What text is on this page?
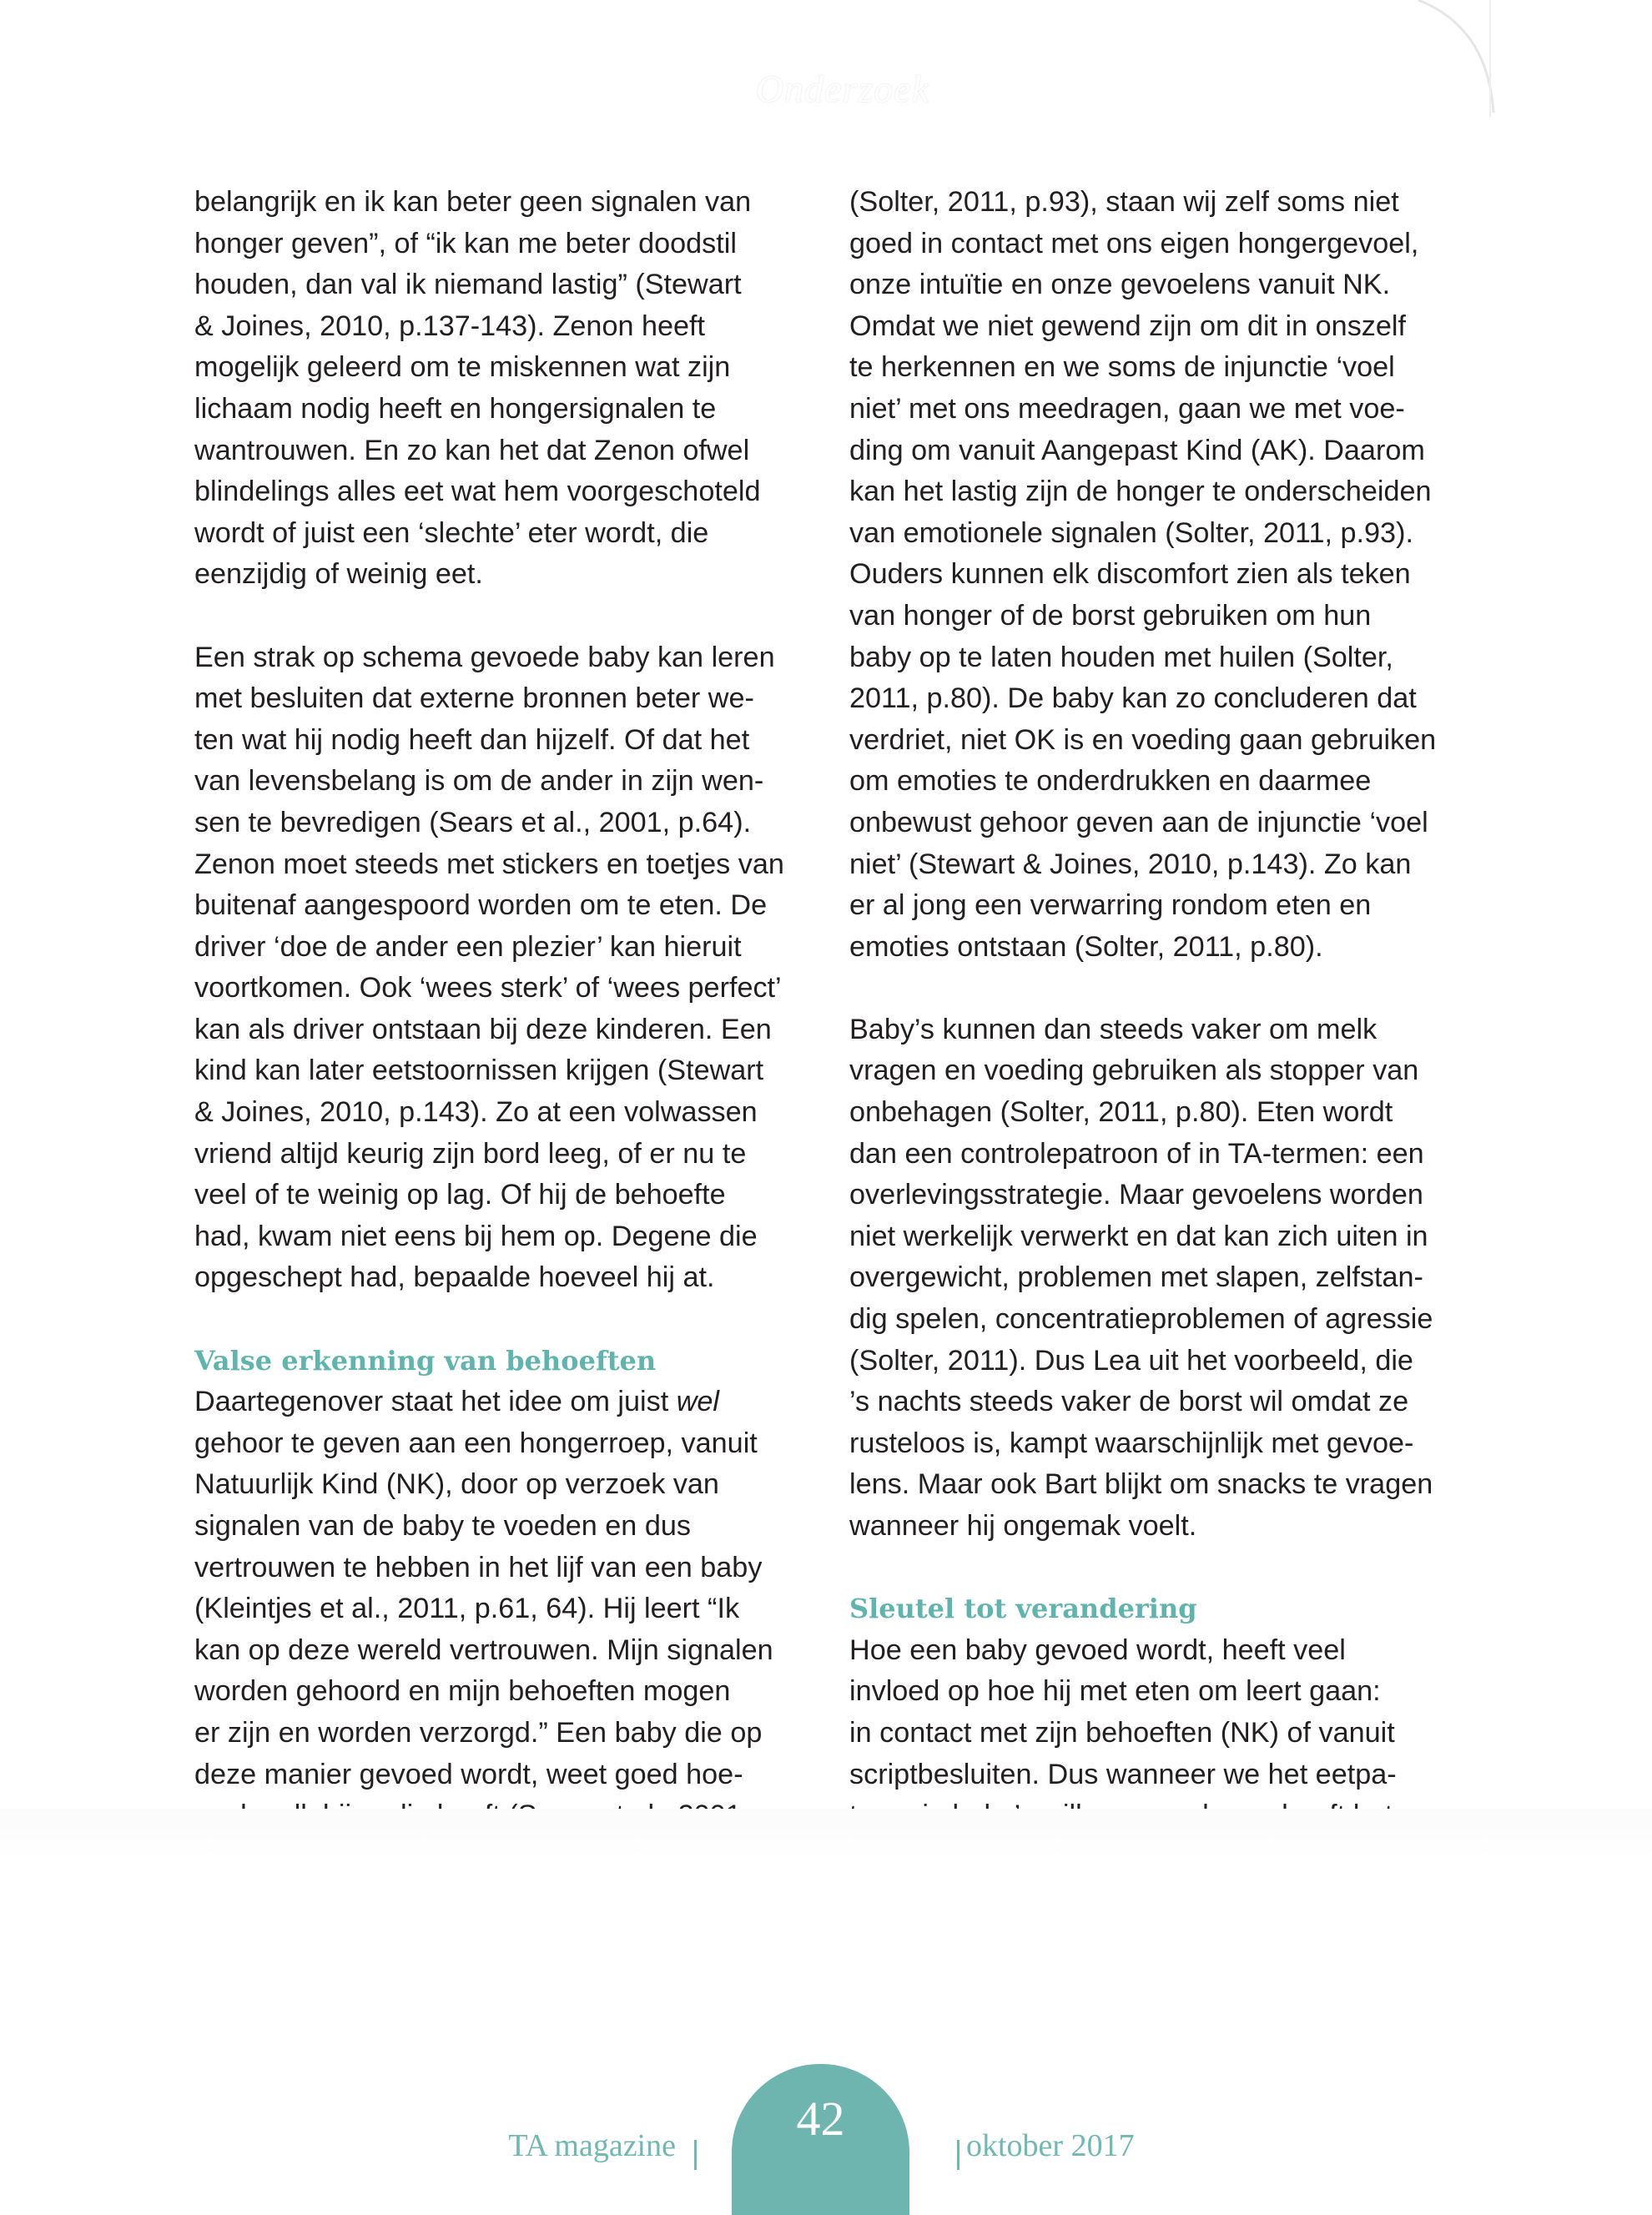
Onderzoek
belangrijk en ik kan beter geen signalen van
honger geven”, of “ik kan me beter doodstil
houden, dan val ik niemand lastig” (Stewart
& Joines, 2010, p.137-143). Zenon heeft
mogelijk geleerd om te miskennen wat zijn
lichaam nodig heeft en hongersignalen te
wantrouwen. En zo kan het dat Zenon ofwel
blindelings alles eet wat hem voorgeschoteld
wordt of juist een ‘slechte’ eter wordt, die
eenzijdig of weinig eet.
Een strak op schema gevoede baby kan leren
met besluiten dat externe bronnen beter we-
ten wat hij nodig heeft dan hijzelf. Of dat het
van levensbelang is om de ander in zijn wen-
sen te bevredigen (Sears et al., 2001, p.64).
Zenon moet steeds met stickers en toetjes van
buitenaf aangespoord worden om te eten. De
driver ‘doe de ander een plezier’ kan hieruit
voortkomen. Ook ‘wees sterk’ of ‘wees perfect’
kan als driver ontstaan bij deze kinderen. Een
kind kan later eetstoornissen krijgen (Stewart
& Joines, 2010, p.143). Zo at een volwassen
vriend altijd keurig zijn bord leeg, of er nu te
veel of te weinig op lag. Of hij de behoefte
had, kwam niet eens bij hem op. Degene die
opgeschept had, bepaalde hoeveel hij at.
Valse erkenning van behoeften
Daartegenover staat het idee om juist wel
gehoor te geven aan een hongerroep, vanuit
Natuurlijk Kind (NK), door op verzoek van
signalen van de baby te voeden en dus
vertrouwen te hebben in het lijf van een baby
(Kleintjes et al., 2011, p.61, 64). Hij leert “Ik
kan op deze wereld vertrouwen. Mijn signalen
worden gehoord en mijn behoeften mogen
er zijn en worden verzorgd.” Een baby die op
deze manier gevoed wordt, weet goed hoe-
(Solter, 2011, p.93), staan wij zelf soms niet
goed in contact met ons eigen hongergevoel,
onze intuïtie en onze gevoelens vanuit NK.
Omdat we niet gewend zijn om dit in onszelf
te herkennen en we soms de injunctie ‘voel
niet’ met ons meedragen, gaan we met voe-
ding om vanuit Aangepast Kind (AK). Daarom
kan het lastig zijn de honger te onderscheiden
van emotionele signalen (Solter, 2011, p.93).
Ouders kunnen elk discomfort zien als teken
van honger of de borst gebruiken om hun
baby op te laten houden met huilen (Solter,
2011, p.80). De baby kan zo concluderen dat
verdriet, niet OK is en voeding gaan gebruiken
om emoties te onderdrukken en daarmee
onbewust gehoor geven aan de injunctie ‘voel
niet’ (Stewart & Joines, 2010, p.143). Zo kan
er al jong een verwarring rondom eten en
emoties ontstaan (Solter, 2011, p.80).
Baby’s kunnen dan steeds vaker om melk
vragen en voeding gebruiken als stopper van
onbehagen (Solter, 2011, p.80). Eten wordt
dan een controlepatroon of in TA-termen: een
overlevingsstrategie. Maar gevoelens worden
niet werkelijk verwerkt en dat kan zich uiten in
overgewicht, problemen met slapen, zelfstan-
dig spelen, concentratieproblemen of agressie
(Solter, 2011). Dus Lea uit het voorbeeld, die
’s nachts steeds vaker de borst wil omdat ze
rusteloos is, kampt waarschijnlijk met gevoe-
lens. Maar ook Bart blijkt om snacks te vragen
wanneer hij ongemak voelt.
Sleutel tot verandering
Hoe een baby gevoed wordt, heeft veel
invloed op hoe hij met eten om leert gaan:
in contact met zijn behoeften (NK) of vanuit
scriptbesluiten. Dus wanneer we het eetpa-
42
TA magazine	oktober 2017
